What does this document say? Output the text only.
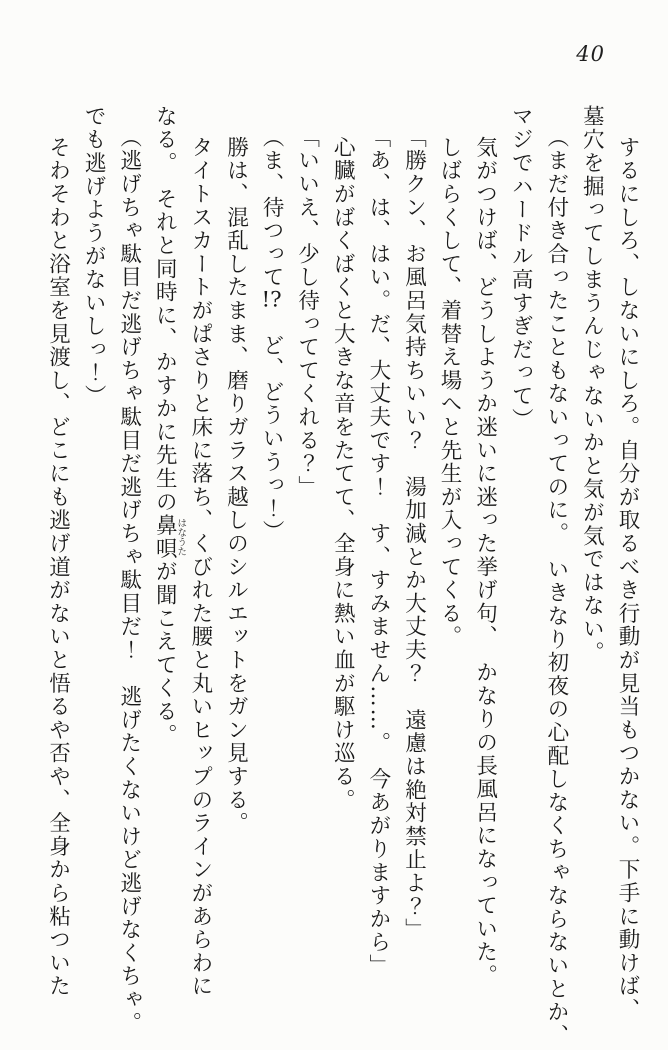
40
するにしろ、しないにしろ。自分が取るべき行動が見当もつかない。下手に動けば、
墓穴を掘ってしまうんじゃないかと気が気ではない。
（まだ付き合ったこともないってのに。　いきなり初夜の心配しなくちゃならないとか、
マジでハードル高すぎだって）
気がつけば、どうしようか迷いに迷った挙げ句、　かなりの長風呂になっていた。
しばらくして、着替え場へと先生が入ってくる。
「勝クン、お風呂気持ちいい？　湯加減とか大丈夫？　遠慮は絶対禁止よ？」
「あ、は、はい。だ、大丈夫です！　す、すみません……。　今あがりますから」
心臓がばくばくと大きな音をたてて、全身に熱い血が駆け巡る。
「いいえ、少し待っててくれる？」
（ま、待つって!?　ど、どういうっ！）
勝は、混乱したまま、磨りガラス越しのシルエットをガン見する。
タイトスカートがぱさりと床に落ち、くびれた腰と丸いヒップのラインがあらわに
なる。　それと同時に、かすかに先生の鼻唄はなうたが聞こえてくる。
（逃げちゃ駄目だ逃げちゃ駄目だ逃げちゃ駄目だ！　逃げたくないけど逃げなくちゃ。
でも逃げようがないしっ！）
そわそわと浴室を見渡し、どこにも逃げ道がないと悟るや否や、全身から粘ついた
